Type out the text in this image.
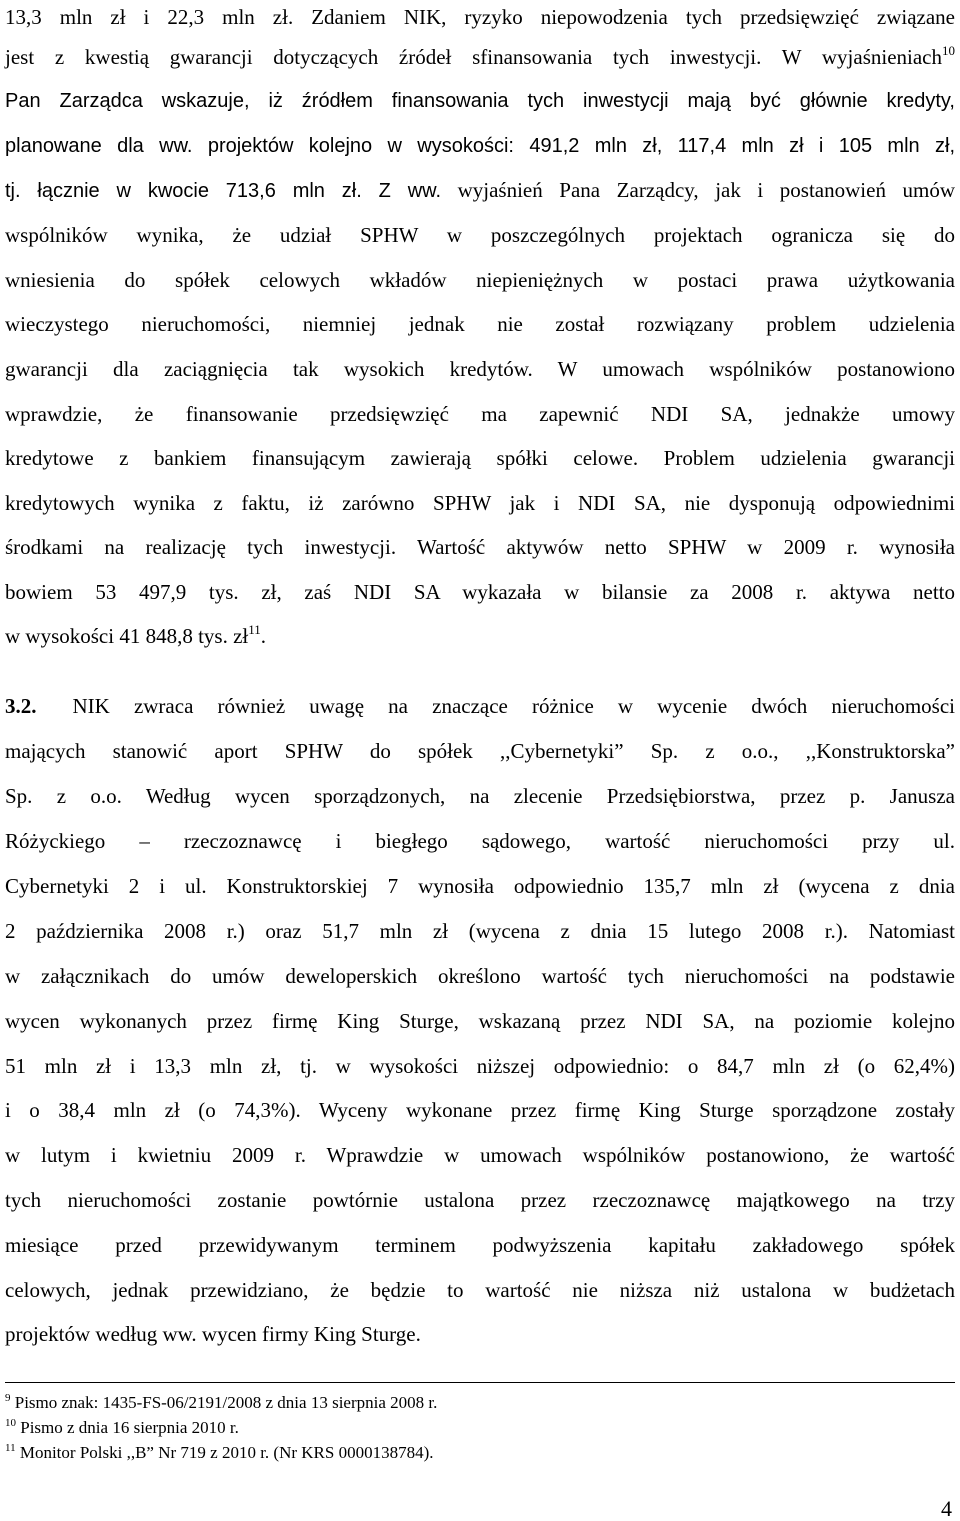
13,3 mln zł i 22,3 mln zł. Zdaniem NIK, ryzyko niepowodzenia tych przedsięwzięć związane
jest z kwestią gwarancji dotyczących źródeł sfinansowania tych inwestycji. W wyjaśnieniach$^{10}$
Pan Zarządca wskazuje, iż źródłem finansowania tych inwestycji mają być głównie kredyty,
planowane dla ww. projektów kolejno w wysokości: 491,2 mln zł, 117,4 mln zł i 105 mln zł,
tj. łącznie w kwocie 713,6 mln zł. Z ww. wyjaśnień Pana Zarządcy, jak i postanowień umów
wspólników wynika, że udział SPHW w poszczególnych projektach ogranicza się do
wniesienia do spółek celowych wkładów niepieniężnych w postaci prawa użytkowania
wieczystego nieruchomości, niemniej jednak nie został rozwiązany problem udzielenia
gwarancji dla zaciągnięcia tak wysokich kredytów. W umowach wspólników postanowiono
wprawdzie, że finansowanie przedsięwzięć ma zapewnić NDI SA, jednakże umowy
kredytowe z bankiem finansującym zawierają spółki celowe. Problem udzielenia gwarancji
kredytowych wynika z faktu, iż zarówno SPHW jak i NDI SA, nie dysponują odpowiednimi
środkami na realizację tych inwestycji. Wartość aktywów netto SPHW w 2009 r. wynosiła
bowiem 53 497,9 tys. zł, zaś NDI SA wykazała w bilansie za 2008 r. aktywa netto
w wysokości 41 848,8 tys. $zł^{11}$.
3.2. NIK zwraca również uwagę na znaczące różnice w wycenie dwóch nieruchomości
mających stanowić aport SPHW do spółek ,,Cybernetyki” Sp. z o.o., ,,Konstruktorska”
Sp. z o.o. Według wycen sporządzonych, na zlecenie Przedsiębiorstwa, przez p. Janusza
Różyckiego – rzeczoznawcę i biegłego sądowego, wartość nieruchomości przy ul.
Cybernetyki 2 i ul. Konstruktorskiej 7 wynosiła odpowiednio 135,7 mln zł (wycena z dnia
2 października 2008 r.) oraz 51,7 mln zł (wycena z dnia 15 lutego 2008 r.). Natomiast
w załącznikach do umów deweloperskich określono wartość tych nieruchomości na podstawie
wycen wykonanych przez firmę King Sturge, wskazaną przez NDI SA, na poziomie kolejno
51 mln zł i 13,3 mln zł, tj. w wysokości niższej odpowiednio: o 84,7 mln zł (o 62,4%)
i o 38,4 mln zł (o 74,3%). Wyceny wykonane przez firmę King Sturge sporządzone zostały
w lutym i kwietniu 2009 r. Wprawdzie w umowach wspólników postanowiono, że wartość
tych nieruchomości zostanie powtórnie ustalona przez rzeczoznawcę majątkowego na trzy
miesiące przed przewidywanym terminem podwyższenia kapitału zakładowego spółek
celowych, jednak przewidziano, że będzie to wartość nie niższa niż ustalona w budżetach
projektów według ww. wycen firmy King Sturge.
$^9$ Pismo znak: 1435-FS-06/2191/2008 z dnia 13 sierpnia 2008 r.
$^{10}$ Pismo z dnia 16 sierpnia 2010 r.
$^{11}$ Monitor Polski ,,B” Nr 719 z 2010 r. (Nr KRS 0000138784).
4
